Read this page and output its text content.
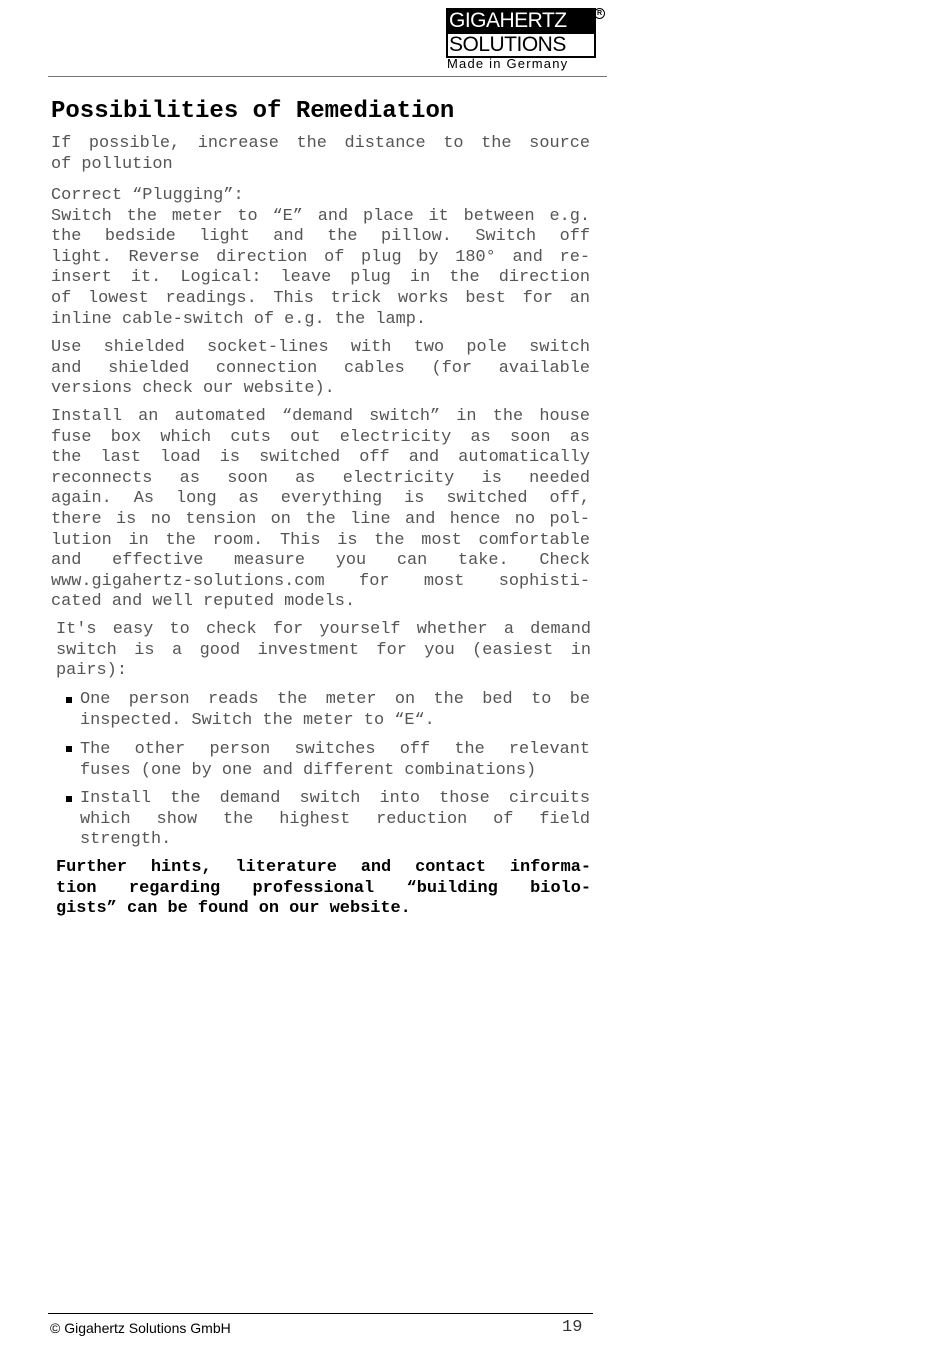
GIGAHERTZ
SOLUTIONS
R
Made in Germany
Possibilities of Remediation
If possible, increase the distance to the source
of pollution
Correct “Plugging”:
Switch the meter to “E” and place it between e.g.
the bedside light and the pillow. Switch off
light. Reverse direction of plug by 180° and re-
insert it. Logical: leave plug in the direction
of lowest readings. This trick works best for an
inline cable-switch of e.g. the lamp.
Use shielded socket-lines with two pole switch
and shielded connection cables (for available
versions check our website).
Install an automated “demand switch” in the house
fuse box which cuts out electricity as soon as
the last load is switched off and automatically
reconnects as soon as electricity is needed
again. As long as everything is switched off,
there is no tension on the line and hence no pol-
lution in the room. This is the most comfortable
and effective measure you can take. Check
www.gigahertz-solutions.com for most sophisti-
cated and well reputed models.
It's easy to check for yourself whether a demand
switch is a good investment for you (easiest in
pairs):
One person reads the meter on the bed to be
inspected. Switch the meter to “E“.
The other person switches off the relevant
fuses (one by one and different combinations)
Install the demand switch into those circuits
which show the highest reduction of field
strength.
Further hints, literature and contact informa-
tion regarding professional “building biolo-
gists” can be found on our website.
© Gigahertz Solutions GmbH	19
